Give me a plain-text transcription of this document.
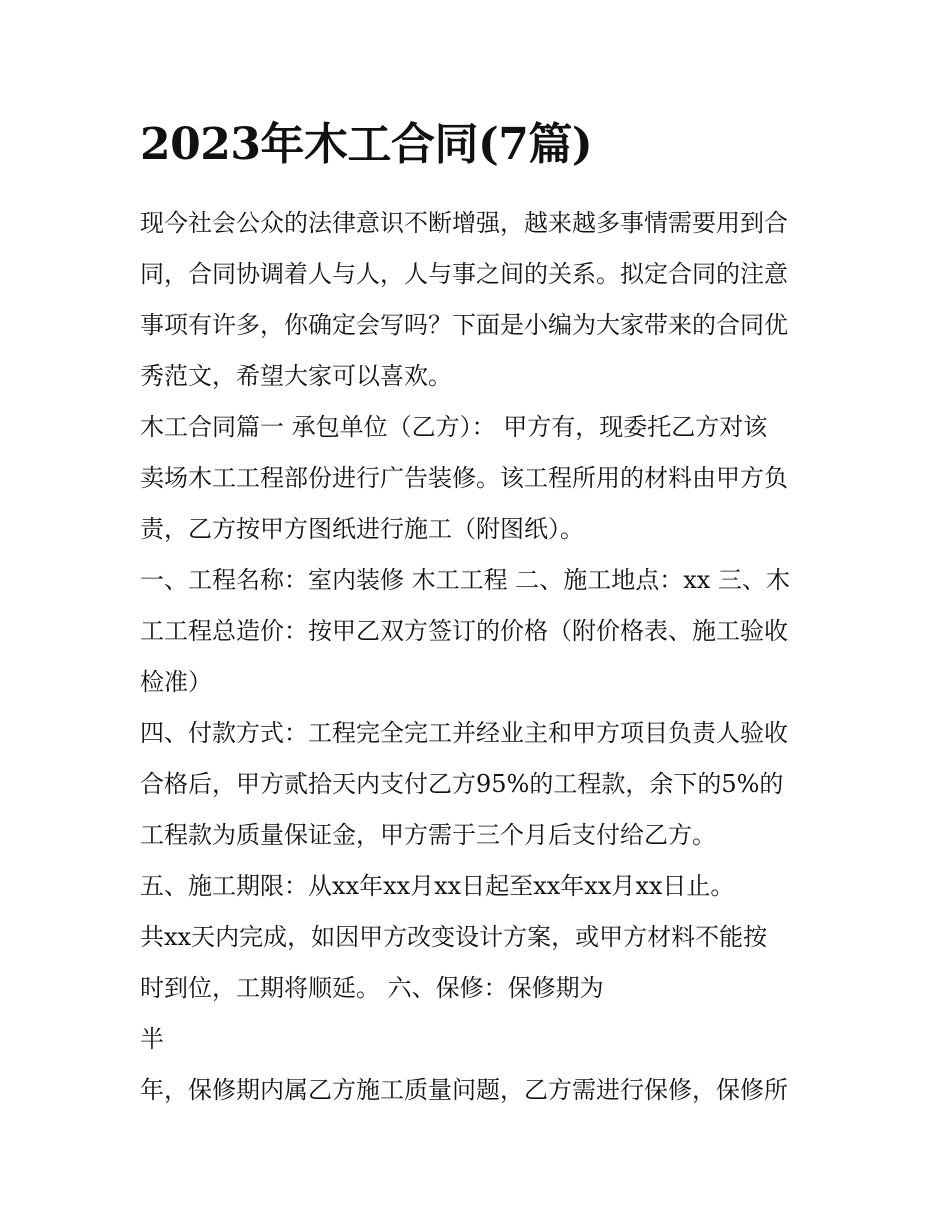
2023年木工合同(7篇)
现今社会公众的法律意识不断增强，越来越多事情需要用到合
同，合同协调着人与人，人与事之间的关系。拟定合同的注意
事项有许多，你确定会写吗？下面是小编为大家带来的合同优
秀范文，希望大家可以喜欢。
木工合同篇一 承包单位（乙方）： 甲方有，现委托乙方对该
卖场木工工程部份进行广告装修。该工程所用的材料由甲方负
责，乙方按甲方图纸进行施工（附图纸）。
一、工程名称：室内装修 木工工程 二、施工地点：xx 三、木
工工程总造价：按甲乙双方签订的价格（附价格表、施工验收
检准）
四、付款方式：工程完全完工并经业主和甲方项目负责人验收
合格后，甲方贰拾天内支付乙方95%的工程款，余下的5%的
工程款为质量保证金，甲方需于三个月后支付给乙方。
五、施工期限：从xx年xx月xx日起至xx年xx月xx日止。
共xx天内完成，如因甲方改变设计方案，或甲方材料不能按
时到位，工期将顺延。 六、保修：保修期为
半
年，保修期内属乙方施工质量问题，乙方需进行保修，保修所
